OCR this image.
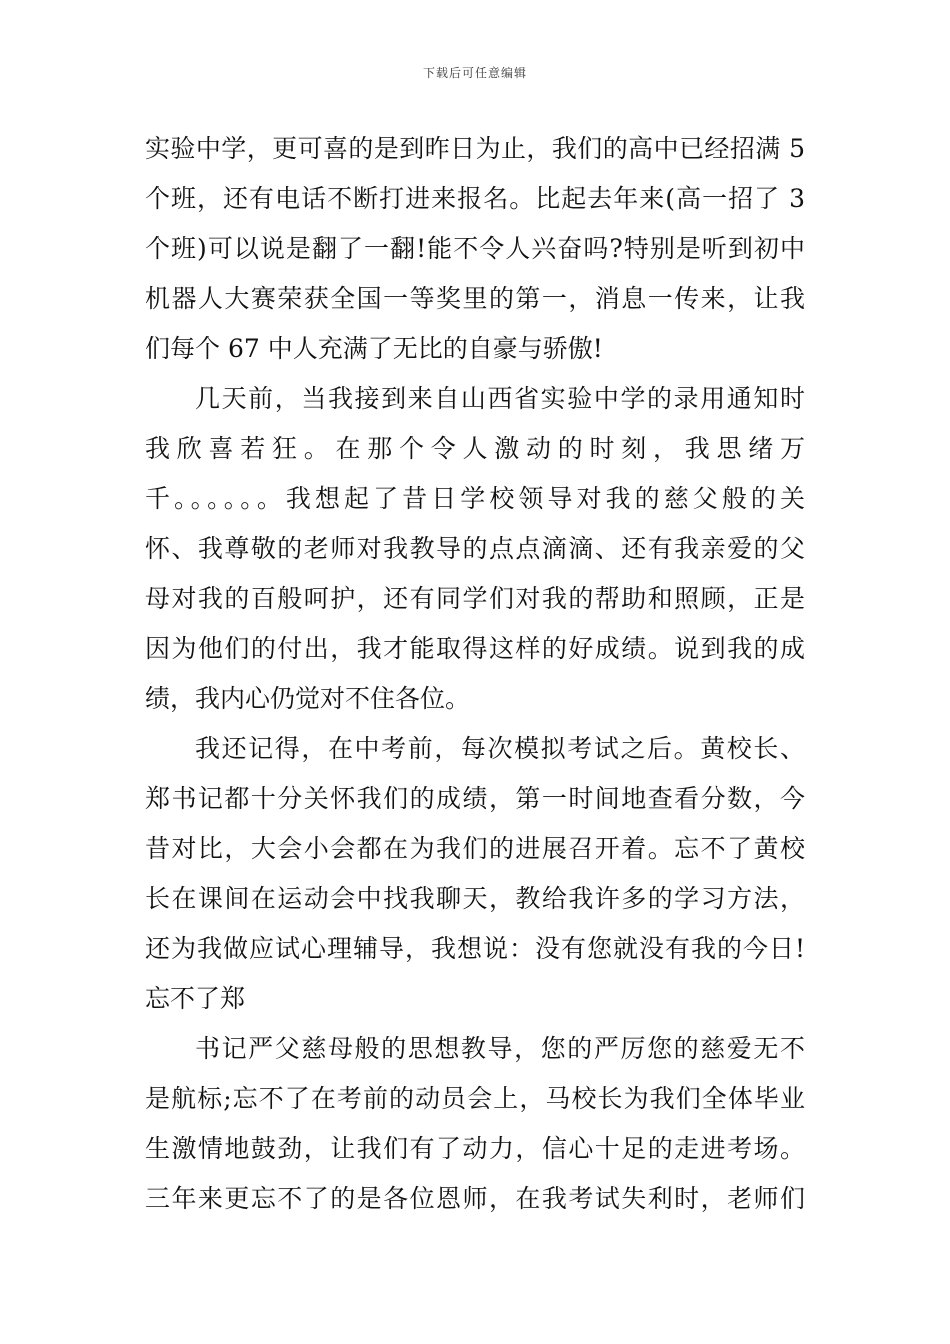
下载后可任意编辑
实验中学，更可喜的是到昨日为止，我们的高中已经招满 5
个班，还有电话不断打进来报名。比起去年来(高一招了 3
个班)可以说是翻了一翻!能不令人兴奋吗?特别是听到初中
机器人大赛荣获全国一等奖里的第一，消息一传来，让我
们每个 67 中人充满了无比的自豪与骄傲!
几天前，当我接到来自山西省实验中学的录用通知时
我欣喜若狂。在那个令人激动的时刻，我思绪万
千。。。。。。我想起了昔日学校领导对我的慈父般的关
怀、我尊敬的老师对我教导的点点滴滴、还有我亲爱的父
母对我的百般呵护，还有同学们对我的帮助和照顾，正是
因为他们的付出，我才能取得这样的好成绩。说到我的成
绩，我内心仍觉对不住各位。
我还记得，在中考前，每次模拟考试之后。黄校长、
郑书记都十分关怀我们的成绩，第一时间地查看分数，今
昔对比，大会小会都在为我们的进展召开着。忘不了黄校
长在课间在运动会中找我聊天，教给我许多的学习方法，
还为我做应试心理辅导，我想说：没有您就没有我的今日!
忘不了郑
书记严父慈母般的思想教导，您的严厉您的慈爱无不
是航标;忘不了在考前的动员会上，马校长为我们全体毕业
生激情地鼓劲，让我们有了动力，信心十足的走进考场。
三年来更忘不了的是各位恩师，在我考试失利时，老师们
